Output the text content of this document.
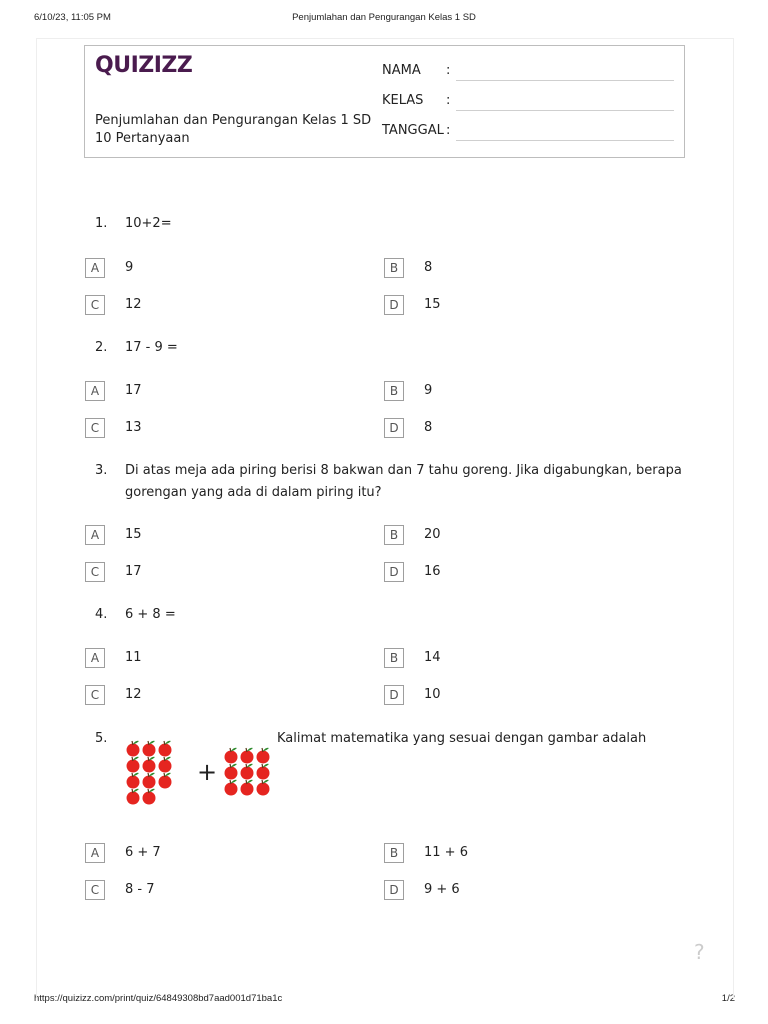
6/10/23, 11:05 PM	Penjumlahan dan Pengurangan Kelas 1 SD
https://quizizz.com/print/quiz/64849308bd7aad001d71ba1c	1/2
QUIZIZZ
Penjumlahan dan Pengurangan Kelas 1 SD
10 Pertanyaan
NAMA :
KELAS :
TANGGAL :
1. 10+2=
A	9	B	8
C	12	D	15
2. 17 - 9 =
A	17	B	9
C	13	D	8
3. Di atas meja ada piring berisi 8 bakwan dan 7 tahu goreng. Jika digabungkan, berapa
gorengan yang ada di dalam piring itu?
A	15	B	20
C	17	D	16
4. 6 + 8 =
A	11	B	14
C	12	D	10
5.	Kalimat matematika yang sesuai dengan gambar adalah
+
A	6 + 7	B	11 + 6
C	8 - 7	D	9 + 6
?
